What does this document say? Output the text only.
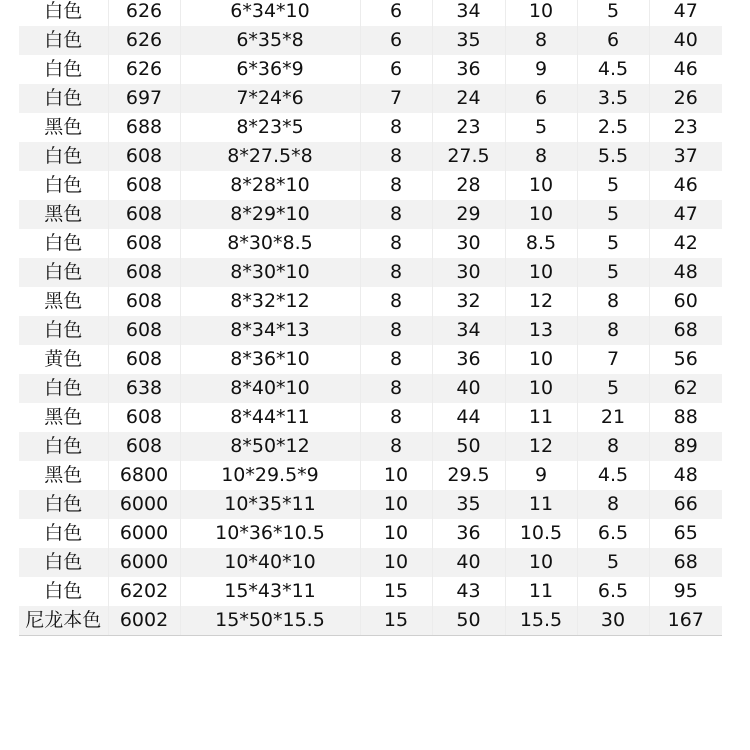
白色	626	6*34*10	6	34	10	5	47
白色	626	6*35*8	6	35	8	6	40
白色	626	6*36*9	6	36	9	4.5	46
白色	697	7*24*6	7	24	6	3.5	26
黑色	688	8*23*5	8	23	5	2.5	23
白色	608	8*27.5*8	8	27.5	8	5.5	37
白色	608	8*28*10	8	28	10	5	46
黑色	608	8*29*10	8	29	10	5	47
白色	608	8*30*8.5	8	30	8.5	5	42
白色	608	8*30*10	8	30	10	5	48
黑色	608	8*32*12	8	32	12	8	60
白色	608	8*34*13	8	34	13	8	68
黄色	608	8*36*10	8	36	10	7	56
白色	638	8*40*10	8	40	10	5	62
黑色	608	8*44*11	8	44	11	21	88
白色	608	8*50*12	8	50	12	8	89
黑色	6800	10*29.5*9	10	29.5	9	4.5	48
白色	6000	10*35*11	10	35	11	8	66
白色	6000	10*36*10.5	10	36	10.5	6.5	65
白色	6000	10*40*10	10	40	10	5	68
白色	6202	15*43*11	15	43	11	6.5	95
尼龙本色	6002	15*50*15.5	15	50	15.5	30	167
